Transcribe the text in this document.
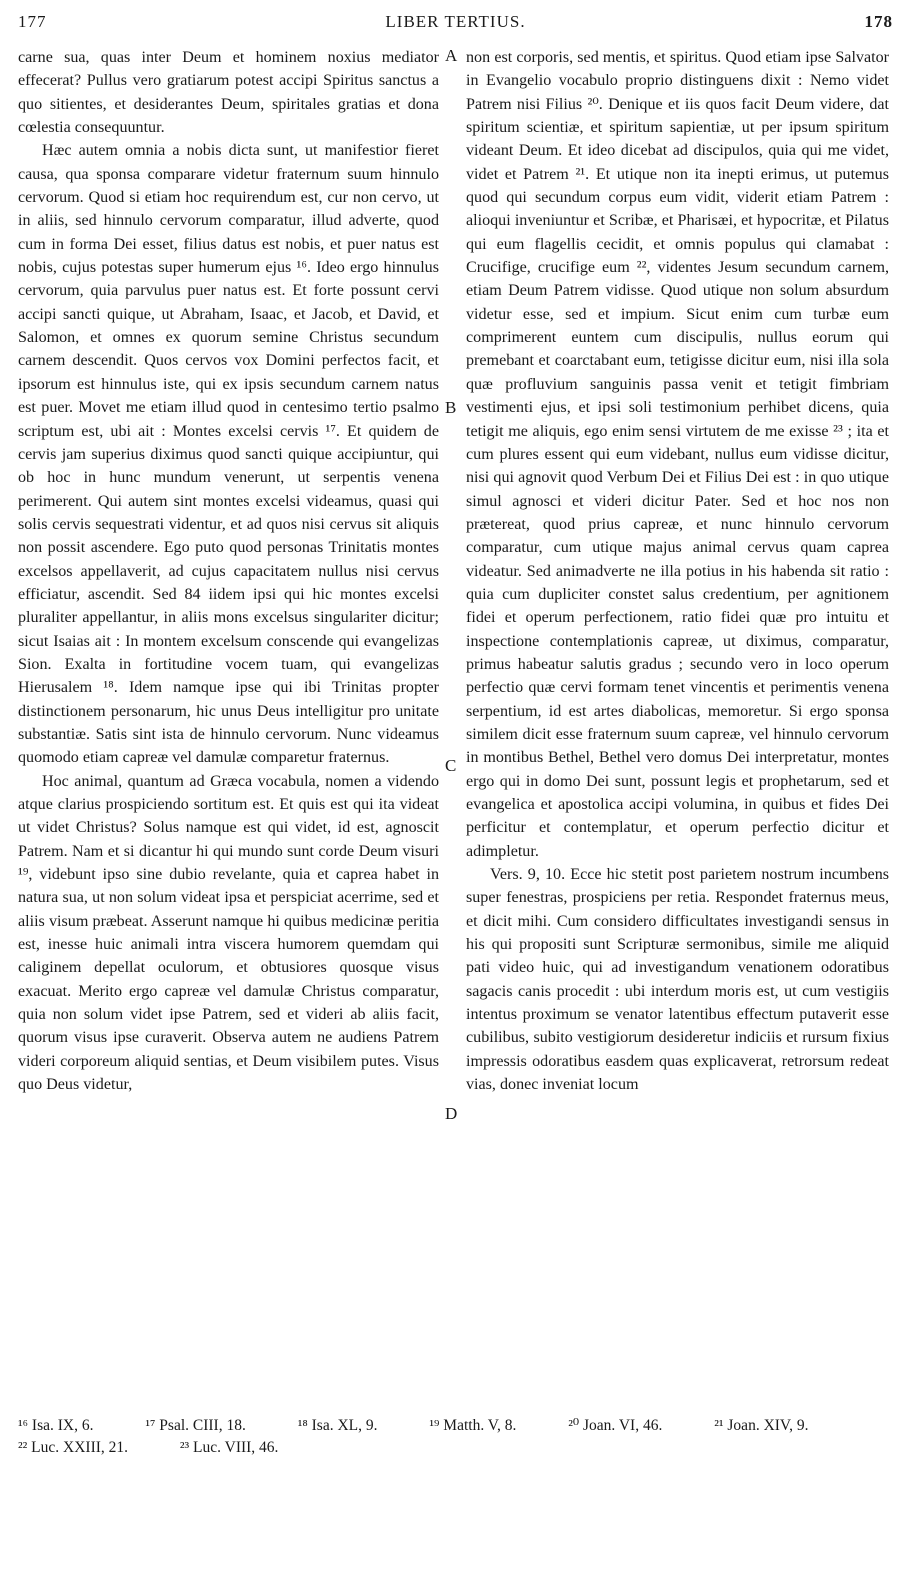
177	LIBER TERTIUS.	178

carne sua, quas inter Deum et hominem noxius mediator effecerat? Pullus vero gratiarum potest accipi Spiritus sanctus a quo sitientes, et desiderantes Deum, spiritales gratias et dona cœlestia consequuntur.

Hæc autem omnia a nobis dicta sunt, ut manifestior fieret causa, qua sponsa comparare videtur fraternum suum hinnulo cervorum. Quod si etiam hoc requirendum est, cur non cervo, ut in aliis, sed hinnulo cervorum comparatur, illud adverte, quod cum in forma Dei esset, filius datus est nobis, et puer natus est nobis, cujus potestas super humerum ejus ¹⁶. Ideo ergo hinnulus cervorum, quia parvulus puer natus est. Et forte possunt cervi accipi sancti quique, ut Abraham, Isaac, et Jacob, et David, et Salomon, et omnes ex quorum semine Christus secundum carnem descendit. Quos cervos vox Domini perfectos facit, et ipsorum est hinnulus iste, qui ex ipsis secundum carnem natus est puer. Movet me etiam illud quod in centesimo tertio psalmo scriptum est, ubi ait : Montes excelsi cervis ¹⁷. Et quidem de cervis jam superius diximus quod sancti quique accipiuntur, qui ob hoc in hunc mundum venerunt, ut serpentis venena perimerent. Qui autem sint montes excelsi videamus, quasi qui solis cervis sequestrati videntur, et ad quos nisi cervus sit aliquis non possit ascendere. Ego puto quod personas Trinitatis montes excelsos appellaverit, ad cujus capacitatem nullus nisi cervus efficiatur, ascendit. Sed 84 iidem ipsi qui hic montes excelsi pluraliter appellantur, in aliis mons excelsus singulariter dicitur; sicut Isaias ait : In montem excelsum conscende qui evangelizas Sion. Exalta in fortitudine vocem tuam, qui evangelizas Hierusalem ¹⁸. Idem namque ipse qui ibi Trinitas propter distinctionem personarum, hic unus Deus intelligitur pro unitate substantiæ. Satis sint ista de hinnulo cervorum. Nunc videamus quomodo etiam capreæ vel damulæ comparetur fraternus.

Hoc animal, quantum ad Græca vocabula, nomen a videndo atque clarius prospiciendo sortitum est. Et quis est qui ita videat ut videt Christus? Solus namque est qui videt, id est, agnoscit Patrem. Nam et si dicantur hi qui mundo sunt corde Deum visuri ¹⁹, videbunt ipso sine dubio revelante, quia et caprea habet in natura sua, ut non solum videat ipsa et perspiciat acerrime, sed et aliis visum præbeat. Asserunt namque hi quibus medicinæ peritia est, inesse huic animali intra viscera humorem quemdam qui caliginem depellat oculorum, et obtusiores quosque visus exacuat. Merito ergo capreæ vel damulæ Christus comparatur, quia non solum videt ipse Patrem, sed et videri ab aliis facit, quorum visus ipse curaverit. Observa autem ne audiens Patrem videri corporeum aliquid sentias, et Deum visibilem putes. Visus quo Deus videtur,

A
B
C
D

non est corporis, sed mentis, et spiritus. Quod etiam ipse Salvator in Evangelio vocabulo proprio distinguens dixit : Nemo videt Patrem nisi Filius ²⁰. Denique et iis quos facit Deum videre, dat spiritum scientiæ, et spiritum sapientiæ, ut per ipsum spiritum videant Deum. Et ideo dicebat ad discipulos, quia qui me videt, videt et Patrem ²¹. Et utique non ita inepti erimus, ut putemus quod qui secundum corpus eum vidit, viderit etiam Patrem : alioqui inveniuntur et Scribæ, et Pharisæi, et hypocritæ, et Pilatus qui eum flagellis cecidit, et omnis populus qui clamabat : Crucifige, crucifige eum ²², videntes Jesum secundum carnem, etiam Deum Patrem vidisse. Quod utique non solum absurdum videtur esse, sed et impium. Sicut enim cum turbæ eum comprimerent euntem cum discipulis, nullus eorum qui premebant et coarctabant eum, tetigisse dicitur eum, nisi illa sola quæ profluvium sanguinis passa venit et tetigit fimbriam vestimenti ejus, et ipsi soli testimonium perhibet dicens, quia tetigit me aliquis, ego enim sensi virtutem de me exisse ²³ ; ita et cum plures essent qui eum videbant, nullus eum vidisse dicitur, nisi qui agnovit quod Verbum Dei et Filius Dei est : in quo utique simul agnosci et videri dicitur Pater. Sed et hoc nos non prætereat, quod prius capreæ, et nunc hinnulo cervorum comparatur, cum utique majus animal cervus quam caprea videatur. Sed animadverte ne illa potius in his habenda sit ratio : quia cum dupliciter constet salus credentium, per agnitionem fidei et operum perfectionem, ratio fidei quæ pro intuitu et inspectione contemplationis capreæ, ut diximus, comparatur, primus habeatur salutis gradus ; secundo vero in loco operum perfectio quæ cervi formam tenet vincentis et perimentis venena serpentium, id est artes diabolicas, memoretur. Si ergo sponsa similem dicit esse fraternum suum capreæ, vel hinnulo cervorum in montibus Bethel, Bethel vero domus Dei interpretatur, montes ergo qui in domo Dei sunt, possunt legis et prophetarum, sed et evangelica et apostolica accipi volumina, in quibus et fides Dei perficitur et contemplatur, et operum perfectio dicitur et adimpletur.

Vers. 9, 10. Ecce hic stetit post parietem nostrum incumbens super fenestras, prospiciens per retia. Respondet fraternus meus, et dicit mihi. Cum considero difficultates investigandi sensus in his qui propositi sunt Scripturæ sermonibus, simile me aliquid pati video huic, qui ad investigandum venationem odoratibus sagacis canis procedit : ubi interdum moris est, ut cum vestigiis intentus proximum se venator latentibus effectum putaverit esse cubilibus, subito vestigiorum desideretur indiciis et rursum fixius impressis odoratibus easdem quas explicaverat, retrorsum redeat vias, donec inveniat locum

¹⁶ Isa. IX, 6.	¹⁷ Psal. CIII, 18.	¹⁸ Isa. XL, 9.	¹⁹ Matth. V, 8.	²⁰ Joan. VI, 46.	²¹ Joan. XIV, 9.
²² Luc. XXIII, 21.	²³ Luc. VIII, 46.
